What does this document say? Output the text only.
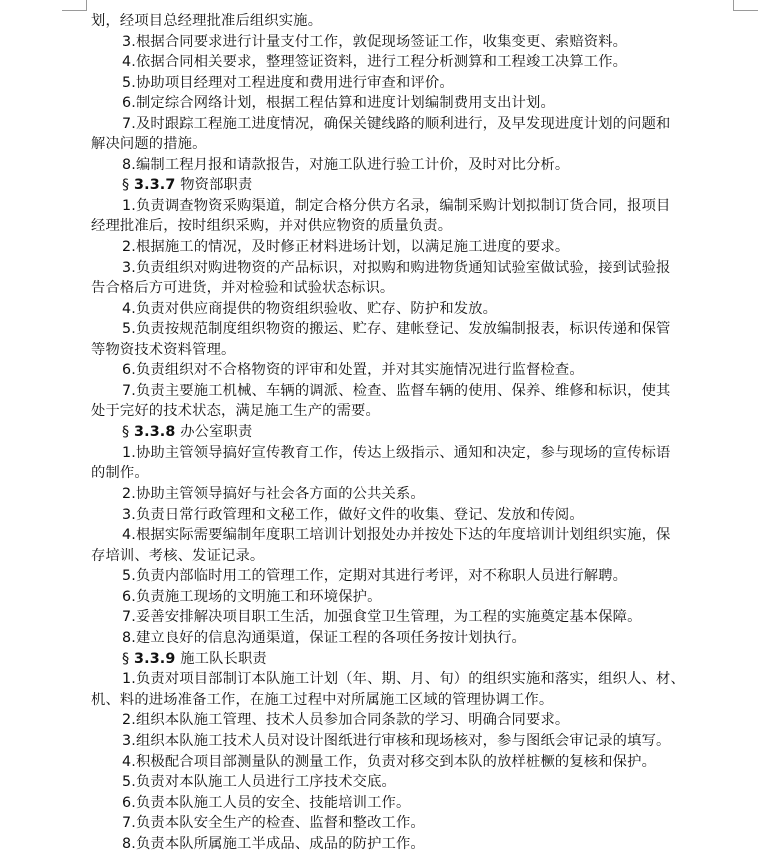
划，经项目总经理批准后组织实施。
3.根据合同要求进行计量支付工作，敦促现场签证工作，收集变更、索赔资料。
4.依据合同相关要求，整理签证资料，进行工程分析测算和工程竣工决算工作。
5.协助项目经理对工程进度和费用进行审查和评价。
6.制定综合网络计划，根据工程估算和进度计划编制费用支出计划。
7.及时跟踪工程施工进度情况，确保关键线路的顺利进行，及早发现进度计划的问题和
解决问题的措施。
8.编制工程月报和请款报告，对施工队进行验工计价，及时对比分析。
§ 3.3.7 物资部职责
1.负责调查物资采购渠道，制定合格分供方名录，编制采购计划拟制订货合同，报项目
经理批准后，按时组织采购，并对供应物资的质量负责。
2.根据施工的情况，及时修正材料进场计划，以满足施工进度的要求。
3.负责组织对购进物资的产品标识，对拟购和购进物货通知试验室做试验，接到试验报
告合格后方可进货，并对检验和试验状态标识。
4.负责对供应商提供的物资组织验收、贮存、防护和发放。
5.负责按规范制度组织物资的搬运、贮存、建帐登记、发放编制报表，标识传递和保管
等物资技术资料管理。
6.负责组织对不合格物资的评审和处置，并对其实施情况进行监督检查。
7.负责主要施工机械、车辆的调派、检查、监督车辆的使用、保养、维修和标识，使其
处于完好的技术状态，满足施工生产的需要。
§ 3.3.8 办公室职责
1.协助主管领导搞好宣传教育工作，传达上级指示、通知和决定，参与现场的宣传标语
的制作。
2.协助主管领导搞好与社会各方面的公共关系。
3.负责日常行政管理和文秘工作，做好文件的收集、登记、发放和传阅。
4.根据实际需要编制年度职工培训计划报处办并按处下达的年度培训计划组织实施，保
存培训、考核、发证记录。
5.负责内部临时用工的管理工作，定期对其进行考评，对不称职人员进行解聘。
6.负责施工现场的文明施工和环境保护。
7.妥善安排解决项目职工生活，加强食堂卫生管理，为工程的实施奠定基本保障。
8.建立良好的信息沟通渠道，保证工程的各项任务按计划执行。
§ 3.3.9 施工队长职责
1.负责对项目部制订本队施工计划（年、期、月、旬）的组织实施和落实，组织人、材、
机、料的进场准备工作，在施工过程中对所属施工区域的管理协调工作。
2.组织本队施工管理、技术人员参加合同条款的学习、明确合同要求。
3.组织本队施工技术人员对设计图纸进行审核和现场核对，参与图纸会审记录的填写。
4.积极配合项目部测量队的测量工作，负责对移交到本队的放样桩橛的复核和保护。
5.负责对本队施工人员进行工序技术交底。
6.负责本队施工人员的安全、技能培训工作。
7.负责本队安全生产的检查、监督和整改工作。
8.负责本队所属施工半成品、成品的防护工作。
